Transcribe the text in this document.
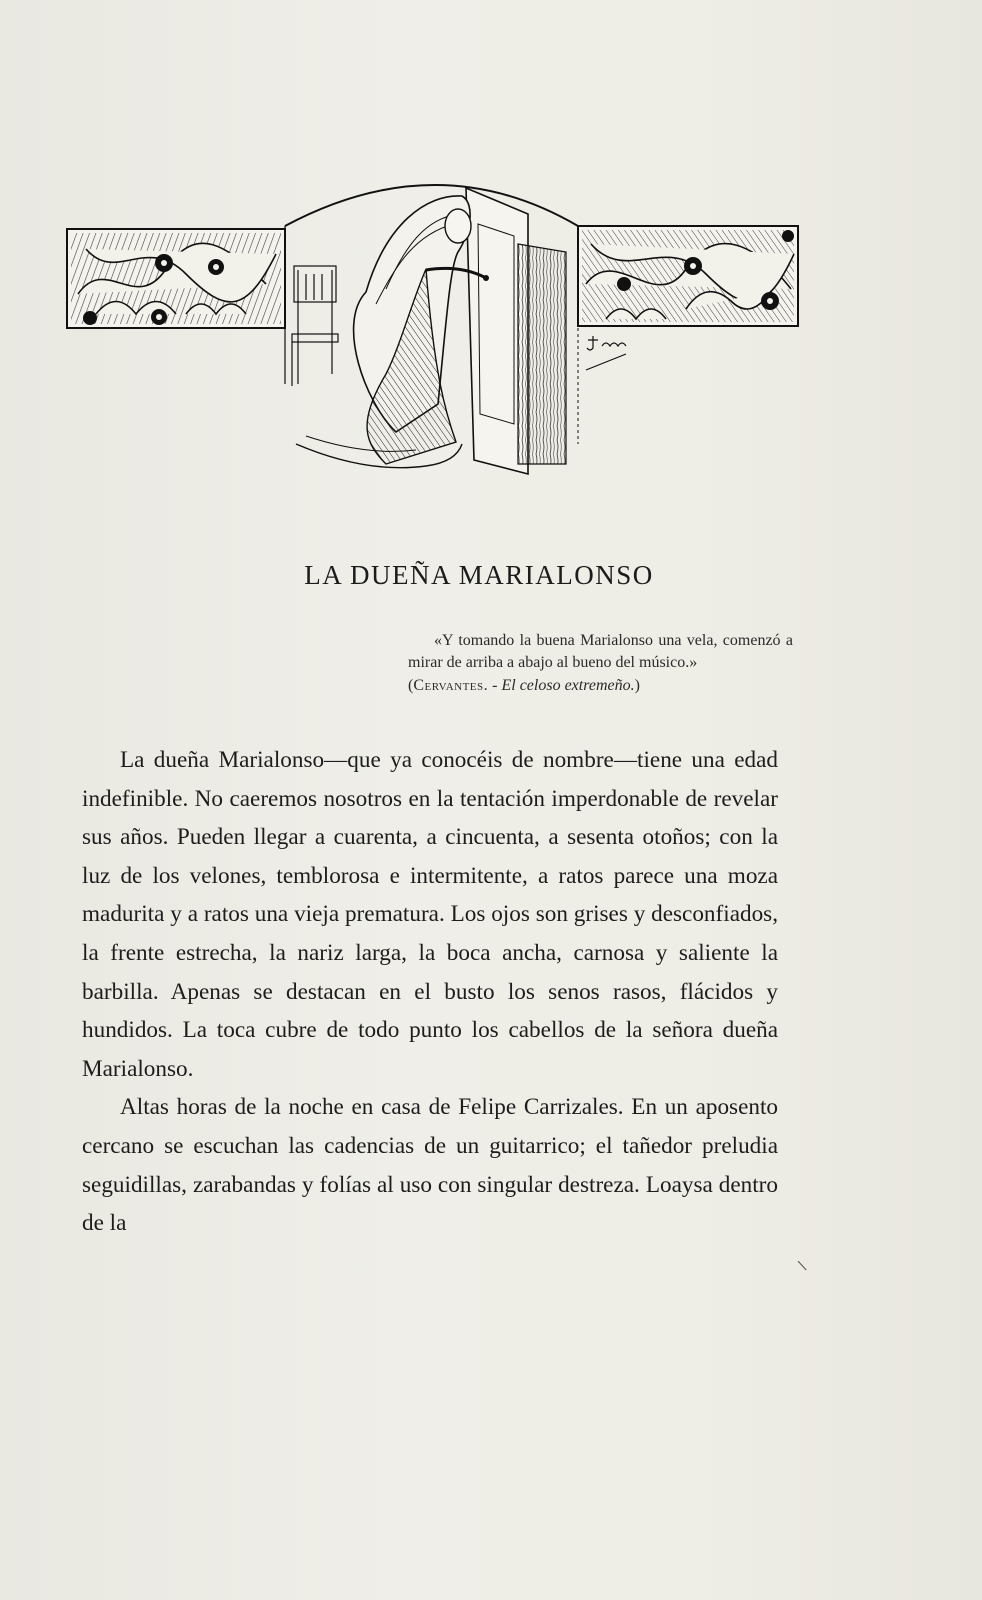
LA DUEÑA MARIALONSO

«Y tomando la buena Marialonso una vela, comenzó a mirar de arriba a abajo al bueno del músico.»

(Cervantes. - El celoso extremeño.)

La dueña Marialonso—que ya conocéis de nombre—tiene una edad indefinible. No caeremos nosotros en la tentación imperdonable de revelar sus años. Pueden llegar a cuarenta, a cincuenta, a sesenta otoños; con la luz de los velones, temblorosa e intermitente, a ratos parece una moza madurita y a ratos una vieja prematura. Los ojos son grises y desconfiados, la frente estrecha, la nariz larga, la boca ancha, carnosa y saliente la barbilla. Apenas se destacan en el busto los senos rasos, flácidos y hundidos. La toca cubre de todo punto los cabellos de la señora dueña Marialonso.

Altas horas de la noche en casa de Felipe Carrizales. En un aposento cercano se escuchan las cadencias de un guitarrico; el tañedor preludia seguidillas, zarabandas y folías al uso con singular destreza. Loaysa dentro de la

\
